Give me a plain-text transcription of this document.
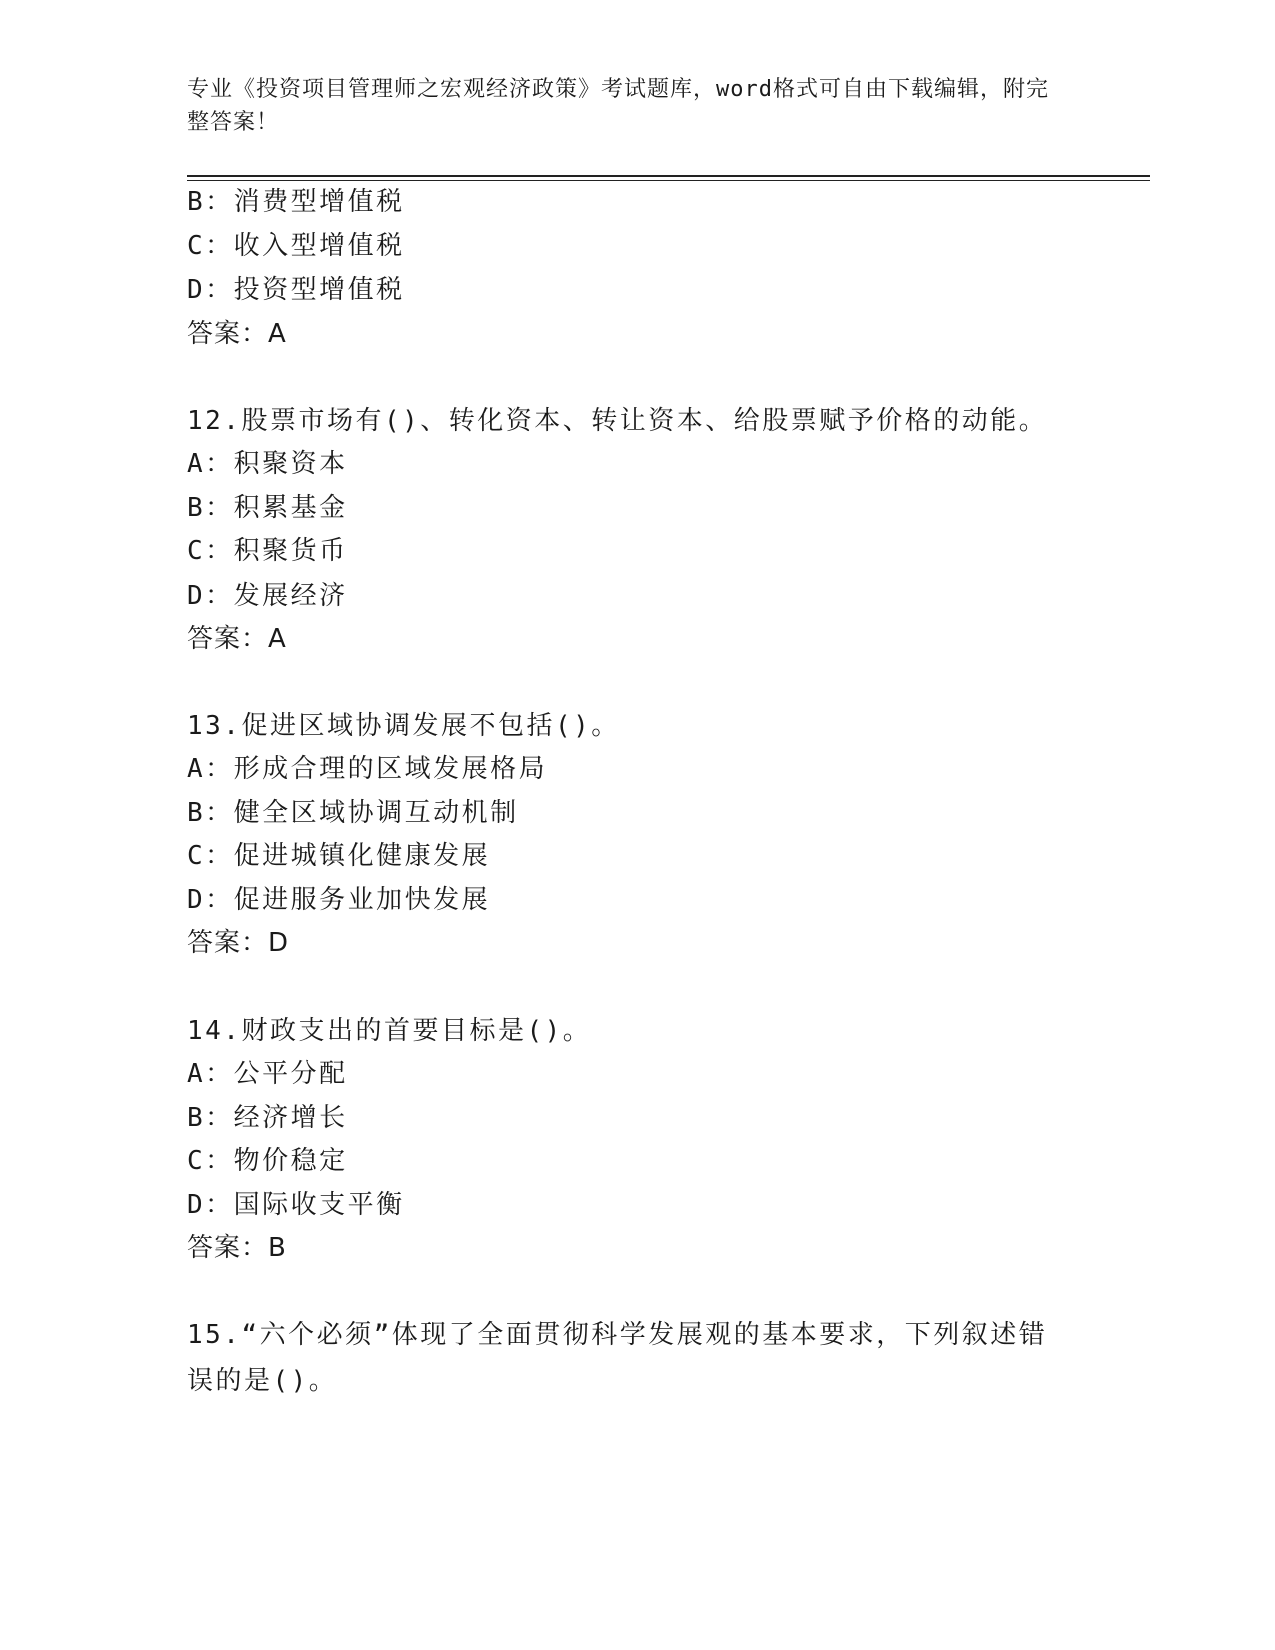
专业《投资项目管理师之宏观经济政策》考试题库，word格式可自由下载编辑，附完整答案！
B：消费型增值税
C：收入型增值税
D：投资型增值税
答案：A
12.股票市场有()、转化资本、转让资本、给股票赋予价格的动能。
A：积聚资本
B：积累基金
C：积聚货币
D：发展经济
答案：A
13.促进区域协调发展不包括()。
A：形成合理的区域发展格局
B：健全区域协调互动机制
C：促进城镇化健康发展
D：促进服务业加快发展
答案：D
14.财政支出的首要目标是()。
A：公平分配
B：经济增长
C：物价稳定
D：国际收支平衡
答案：B
15.“六个必须”体现了全面贯彻科学发展观的基本要求，下列叙述错误的是()。
